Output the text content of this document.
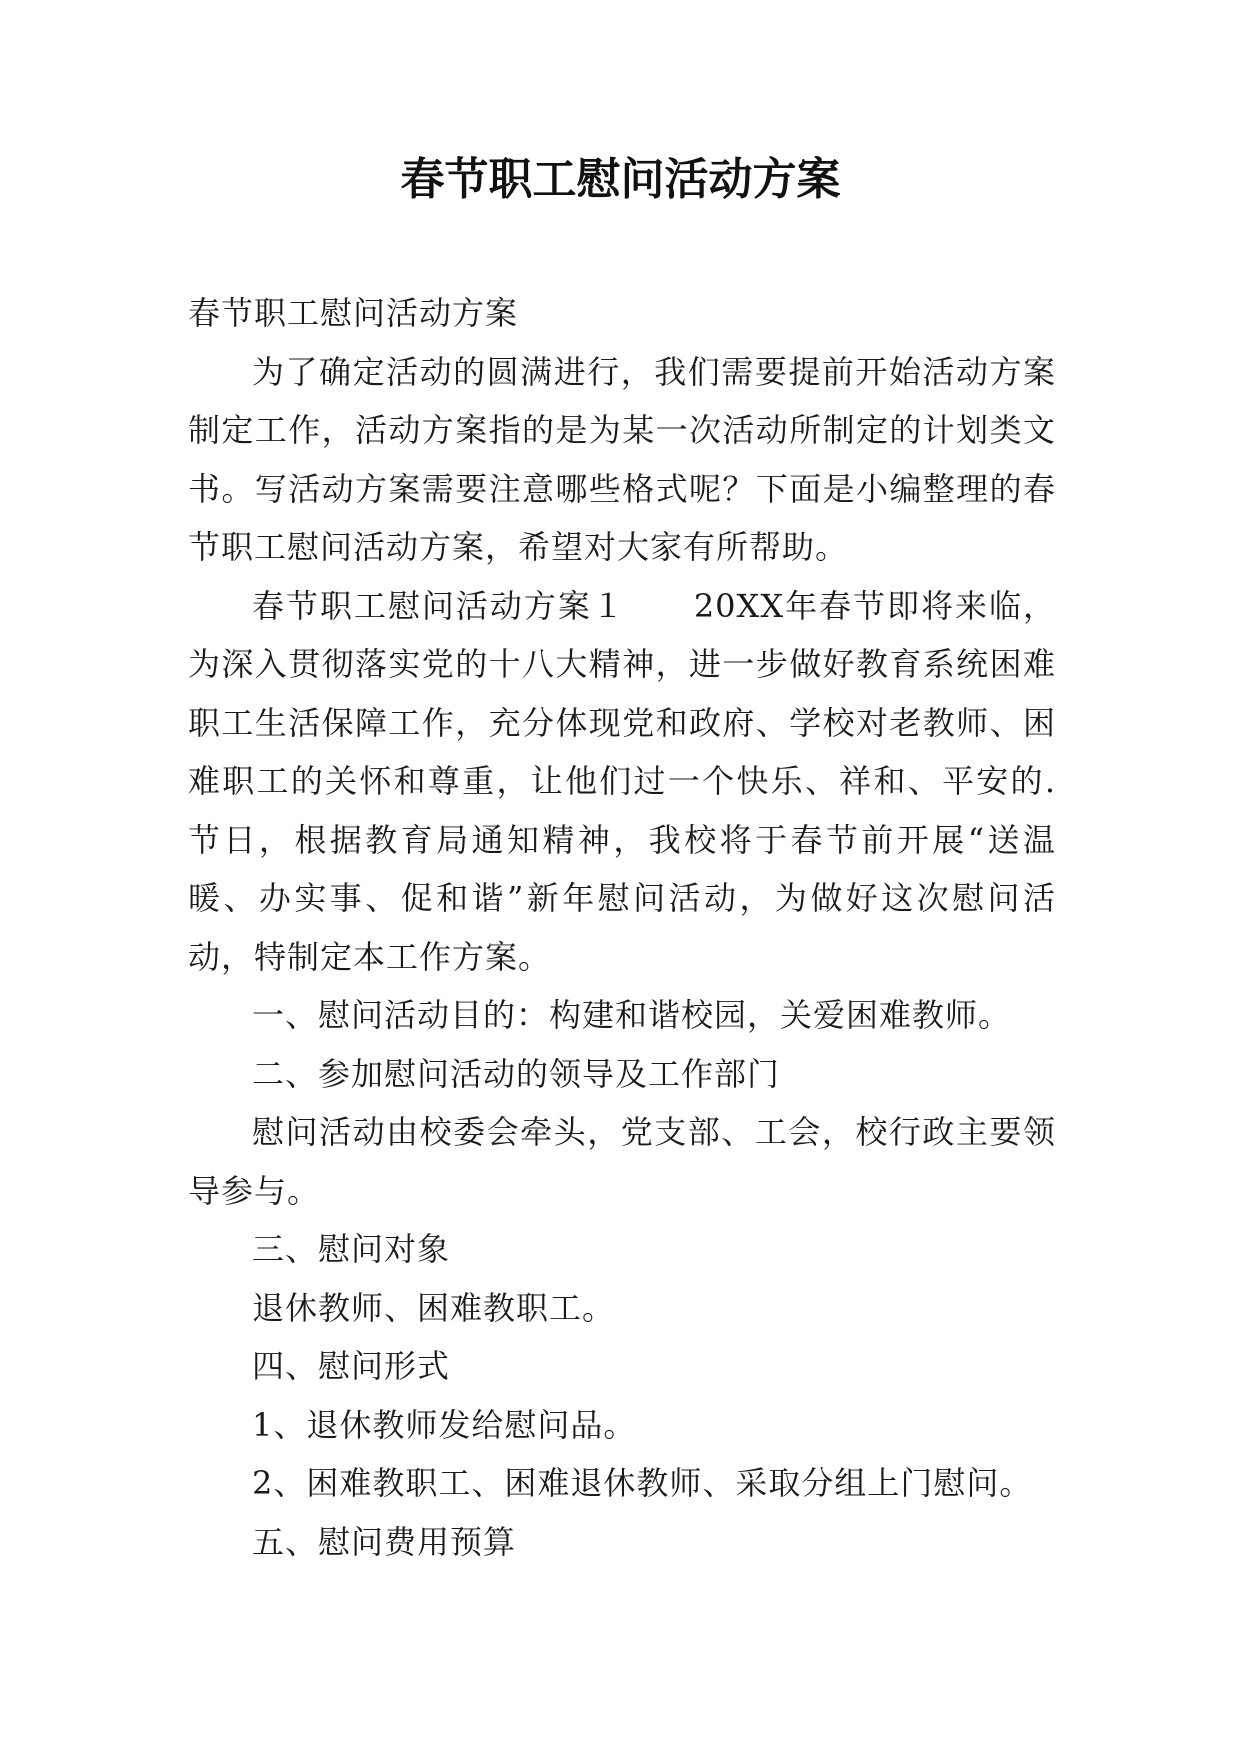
春节职工慰问活动方案

春节职工慰问活动方案

为了确定活动的圆满进行，我们需要提前开始活动方案制定工作，活动方案指的是为某一次活动所制定的计划类文书。写活动方案需要注意哪些格式呢？下面是小编整理的春节职工慰问活动方案，希望对大家有所帮助。

春节职工慰问活动方案１　　20XX年春节即将来临，为深入贯彻落实党的十八大精神，进一步做好教育系统困难职工生活保障工作，充分体现党和政府、学校对老教师、困难职工的关怀和尊重，让他们过一个快乐、祥和、平安的.节日，根据教育局通知精神，我校将于春节前开展“送温暖、办实事、促和谐”新年慰问活动，为做好这次慰问活动，特制定本工作方案。

一、慰问活动目的：构建和谐校园，关爱困难教师。

二、参加慰问活动的领导及工作部门

慰问活动由校委会牵头，党支部、工会，校行政主要领导参与。

三、慰问对象

退休教师、困难教职工。

四、慰问形式

1、退休教师发给慰问品。

2、困难教职工、困难退休教师、采取分组上门慰问。

五、慰问费用预算
